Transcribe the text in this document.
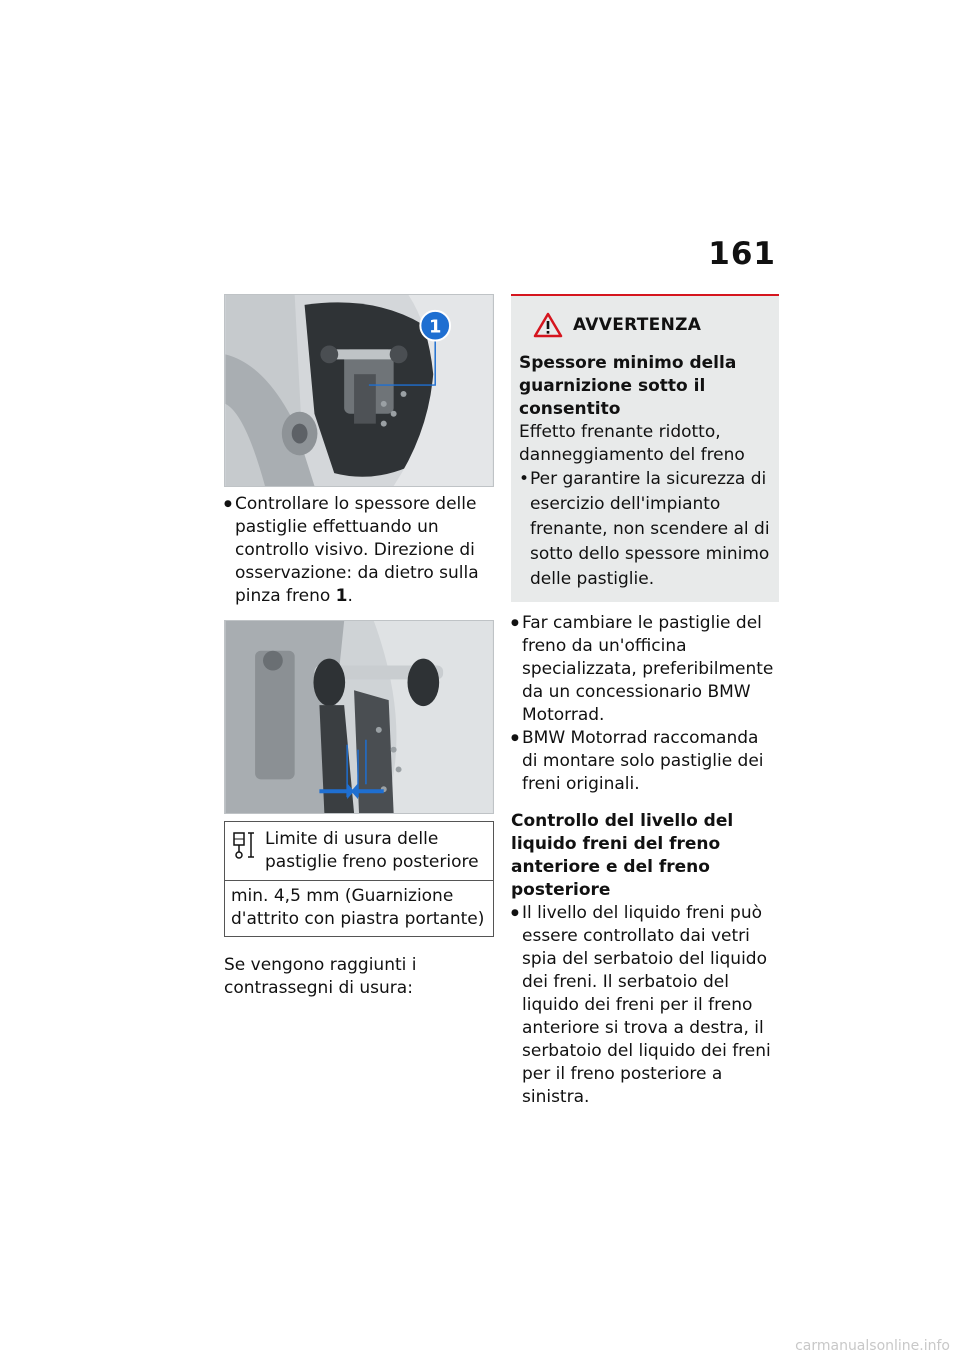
161
1
● Controllare lo spessore delle pastiglie effettuando un controllo visivo. Direzione di osservazione: da dietro sulla pinza freno 1.
Limite di usura delle pastiglie freno posteriore
min. 4,5 mm (Guarnizione d'attrito con piastra portante)
Se vengono raggiunti i contrassegni di usura:
AVVERTENZA
Spessore minimo della guarnizione sotto il consentito
Effetto frenante ridotto, danneggiamento del freno
• Per garantire la sicurezza di esercizio dell'impianto frenante, non scendere al di sotto dello spessore minimo delle pastiglie.
● Far cambiare le pastiglie del freno da un'officina specializzata, preferibilmente da un concessionario BMW Motorrad.
● BMW Motorrad raccomanda di montare solo pastiglie dei freni originali.
Controllo del livello del liquido freni del freno anteriore e del freno posteriore
● Il livello del liquido freni può essere controllato dai vetri spia del serbatoio del liquido dei freni. Il serbatoio del liquido dei freni per il freno anteriore si trova a destra, il serbatoio del liquido dei freni per il freno posteriore a sinistra.
carmanualsonline.info
